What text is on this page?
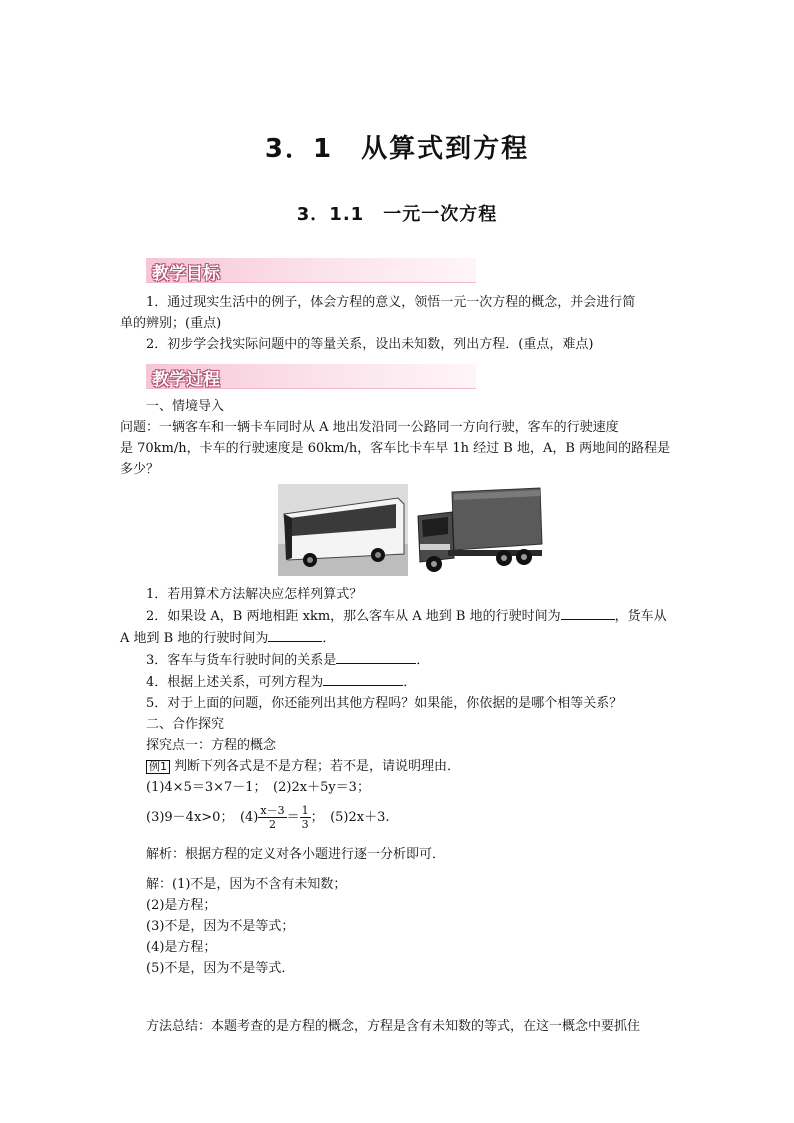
3．1　从算式到方程
3．1.1　一元一次方程
教学目标

1．通过现实生活中的例子，体会方程的意义，领悟一元一次方程的概念，并会进行简

单的辨别；(重点)

2．初步学会找实际问题中的等量关系，设出未知数，列出方程．(重点，难点)

教学过程

一、情境导入

问题：一辆客车和一辆卡车同时从 A 地出发沿同一公路同一方向行驶，客车的行驶速度

是 70km/h，卡车的行驶速度是 60km/h，客车比卡车早 1h 经过 B 地，A，B 两地间的路程是

多少？

1．若用算术方法解决应怎样列算式？

2．如果设 A，B 两地相距 xkm，那么客车从 A 地到 B 地的行驶时间为	，货车从

A 地到 B 地的行驶时间为	．

3．客车与货车行驶时间的关系是	．

4．根据上述关系，可列方程为	．

5．对于上面的问题，你还能列出其他方程吗？如果能，你依据的是哪个相等关系？

二、合作探究

探究点一：方程的概念

例1 判断下列各式是不是方程；若不是，请说明理由．

(1)4×5＝3×7－1；　(2)2x＋5y＝3；

(3)9－4x>0；　$(4) \frac{x-3}{2} = \frac{1}{3}$ ；　(5)2x＋3.

解析：根据方程的定义对各小题进行逐一分析即可．

解：(1)不是，因为不含有未知数；

(2)是方程；

(3)不是，因为不是等式；

(4)是方程；

(5)不是，因为不是等式．

方法总结：本题考查的是方程的概念，方程是含有未知数的等式，在这一概念中要抓住
